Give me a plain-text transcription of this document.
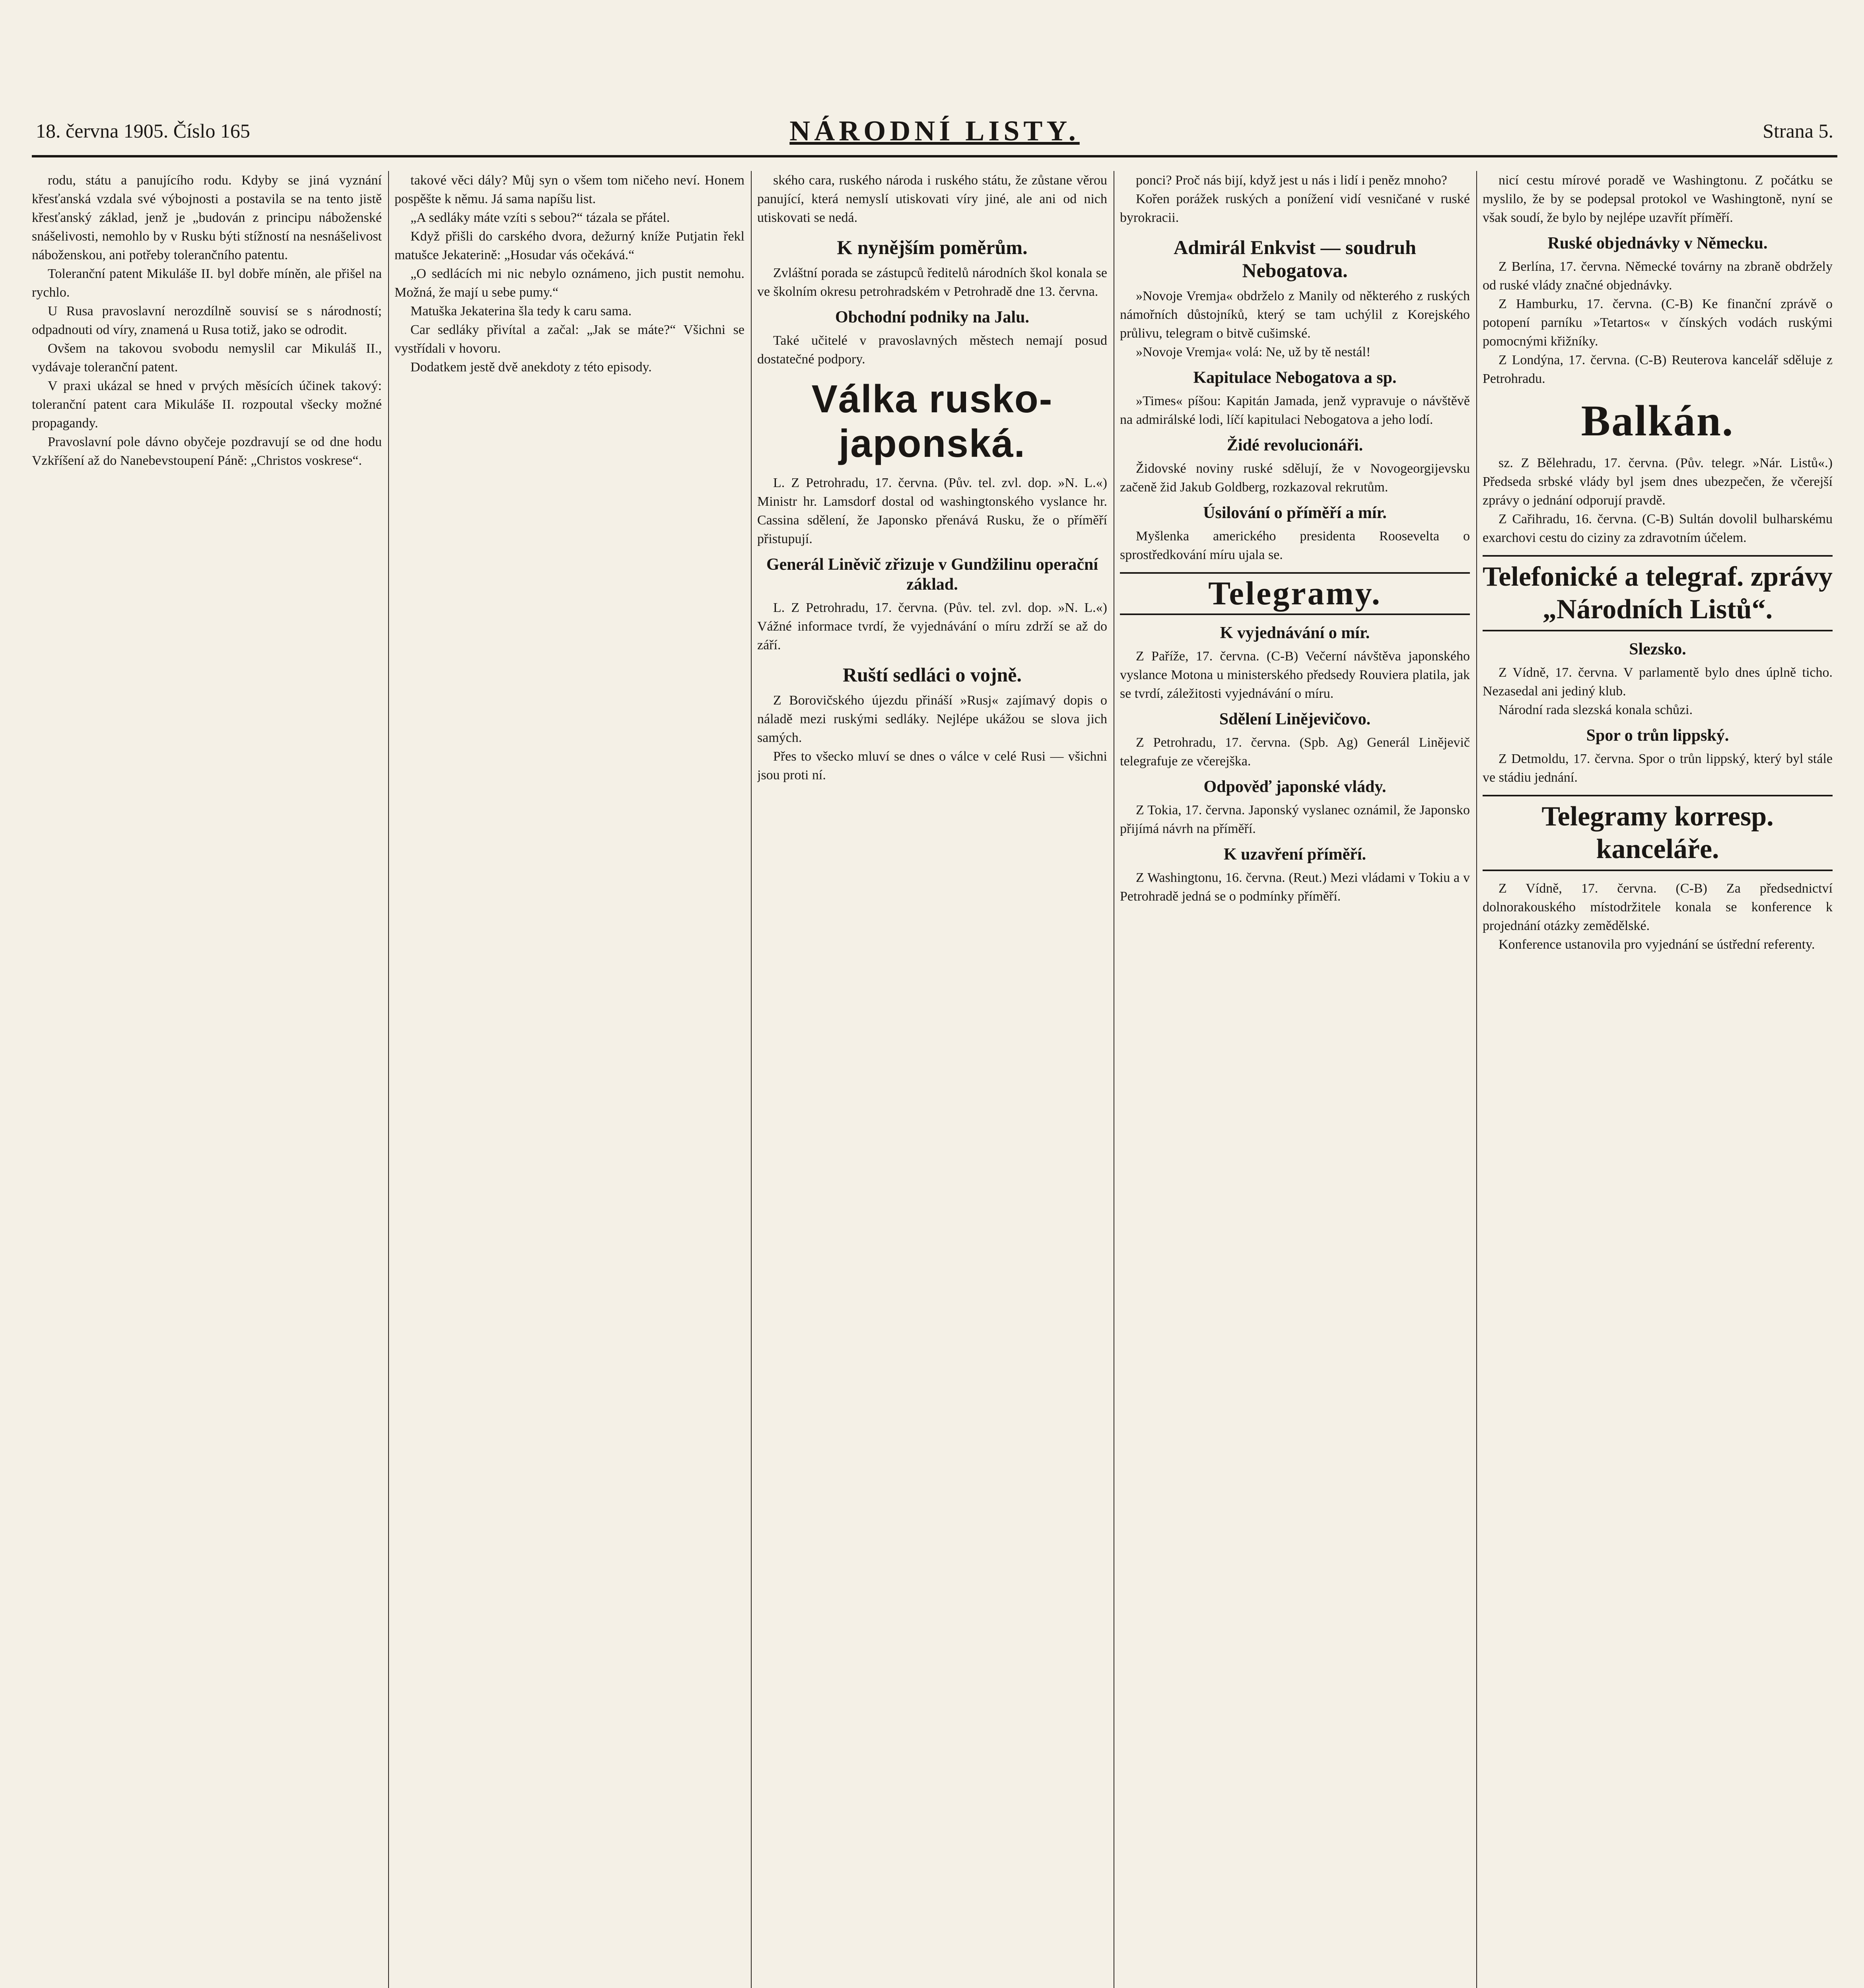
18. června 1905. Číslo 165	NÁRODNÍ LISTY.	Strana 5.

rodu, státu a panujícího rodu. Kdyby se jiná vyznání křesťanská vzdala své výbojnosti a postavila se na tento jistě křesťanský základ, jenž je „budován z principu náboženské snášelivosti, nemohlo by v Rusku býti stížností na nesnášelivost náboženskou, ani potřeby tolerančního patentu.

Toleranční patent Mikuláše II. byl dobře míněn, ale přišel na rychlo.

U Rusa pravoslavní nerozdílně souvisí se s národností; odpadnouti od víry, znamená u Rusa totiž, jako se odrodit.

Ovšem na takovou svobodu nemyslil car Mikuláš II., vydávaje toleranční patent.

V praxi ukázal se hned v prvých měsících účinek takový: toleranční patent cara Mikuláše II. rozpoutal všecky možné propagandy.

Pravoslavní pole dávno obyčeje pozdravují se od dne hodu Vzkříšení až do Nanebevstoupení Páně: „Christos voskrese“.

takové věci dály? Můj syn o všem tom ničeho neví. Honem pospěšte k němu. Já sama napíšu list.

„A sedláky máte vzíti s sebou?“ tázala se přátel.

Když přišli do carského dvora, dežurný kníže Putjatin řekl matušce Jekaterině: „Hosudar vás očekává.“

„O sedlácích mi nic nebylo oznámeno, jich pustit nemohu. Možná, že mají u sebe pumy.“

Matuška Jekaterina šla tedy k caru sama.

Car sedláky přivítal a začal: „Jak se máte?“ Všichni se vystřídali v hovoru.

Dodatkem jestě dvě anekdoty z této episody.

ského cara, ruského národa i ruského státu, že zůstane věrou panující, která nemyslí utiskovati víry jiné, ale ani od nich utiskovati se nedá.

K nynějším poměrům.

Zvláštní porada se zástupců ředitelů národních škol konala se ve školním okresu petrohradském v Petrohradě dne 13. června.

Obchodní podniky na Jalu.

Také učitelé v pravoslavných městech nemají posud dostatečné podpory.

Válka rusko-japonská.

L. Z Petrohradu, 17. června. (Pův. tel. zvl. dop. »N. L.«) Ministr hr. Lamsdorf dostal od washingtonského vyslance hr. Cassina sdělení, že Japonsko přenává Rusku, že o příměří přistupují.

Generál Liněvič zřizuje v Gundžilinu operační základ.

L. Z Petrohradu, 17. června. (Pův. tel. zvl. dop. »N. L.«) Vážné informace tvrdí, že vyjednávání o míru zdrží se až do září.

Ruští sedláci o vojně.

Z Borovičského újezdu přináší »Rusj« zajímavý dopis o náladě mezi ruskými sedláky. Nejlépe ukážou se slova jich samých.

Přes to všecko mluví se dnes o válce v celé Rusi — všichni jsou proti ní.

ponci? Proč nás bijí, když jest u nás i lidí i peněz mnoho?

Kořen porážek ruských a ponížení vidí vesničané v ruské byrokracii.

Admirál Enkvist — soudruh Nebogatova.

»Novoje Vremja« obdrželo z Manily od některého z ruských námořních důstojníků, který se tam uchýlil z Korejského průlivu, telegram o bitvě cušimské.

»Novoje Vremja« volá: Ne, už by tě nestál!

Kapitulace Nebogatova a sp.

»Times« píšou: Kapitán Jamada, jenž vypravuje o návštěvě na admirálské lodi, líčí kapitulaci Nebogatova a jeho lodí.

Židé revolucionáři.

Židovské noviny ruské sdělují, že v Novogeorgijevsku začeně žid Jakub Goldberg, rozkazoval rekrutům.

Úsilování o příměří a mír.

Myšlenka amerického presidenta Roosevelta o sprostředkování míru ujala se.

Telegramy.
K vyjednávání o mír.

Z Paříže, 17. června. (C-B) Večerní návštěva japonského vyslance Motona u ministerského předsedy Rouviera platila, jak se tvrdí, záležitosti vyjednávání o míru.

Sdělení Linějevičovo.

Z Petrohradu, 17. června. (Spb. Ag) Generál Linějevič telegrafuje ze včerejška.

Odpověď japonské vlády.

Z Tokia, 17. června. Japonský vyslanec oznámil, že Japonsko přijímá návrh na příměří.

K uzavření příměří.

Z Washingtonu, 16. června. (Reut.) Mezi vládami v Tokiu a v Petrohradě jedná se o podmínky příměří.

nicí cestu mírové poradě ve Washingtonu. Z počátku se myslilo, že by se podepsal protokol ve Washingtoně, nyní se však soudí, že bylo by nejlépe uzavřít příměří.

Ruské objednávky v Německu.

Z Berlína, 17. června. Německé továrny na zbraně obdržely od ruské vlády značné objednávky.

Z Hamburku, 17. června. (C-B) Ke finanční zprávě o potopení parníku »Tetartos« v čínských vodách ruskými pomocnými křižníky.

Z Londýna, 17. června. (C-B) Reuterova kancelář sděluje z Petrohradu.

Balkán.

sz. Z Bělehradu, 17. června. (Pův. telegr. »Nár. Listů«.) Předseda srbské vlády byl jsem dnes ubezpečen, že včerejší zprávy o jednání odporují pravdě.

Z Cařihradu, 16. června. (C-B) Sultán dovolil bulharskému exarchovi cestu do ciziny za zdravotním účelem.

Telefonické a telegraf. zprávy „Národních Listů“.
Slezsko.

Z Vídně, 17. června. V parlamentě bylo dnes úplně ticho. Nezasedal ani jediný klub.

Národní rada slezská konala schůzi.

Spor o trůn lippský.

Z Detmoldu, 17. června. Spor o trůn lippský, který byl stále ve stádiu jednání.

Telegramy korresp. kanceláře.

Z Vídně, 17. června. (C-B) Za předsednictví dolnorakouského místodržitele konala se konference k projednání otázky zemědělské.

Konference ustanovila pro vyjednání se ústřední referenty.
